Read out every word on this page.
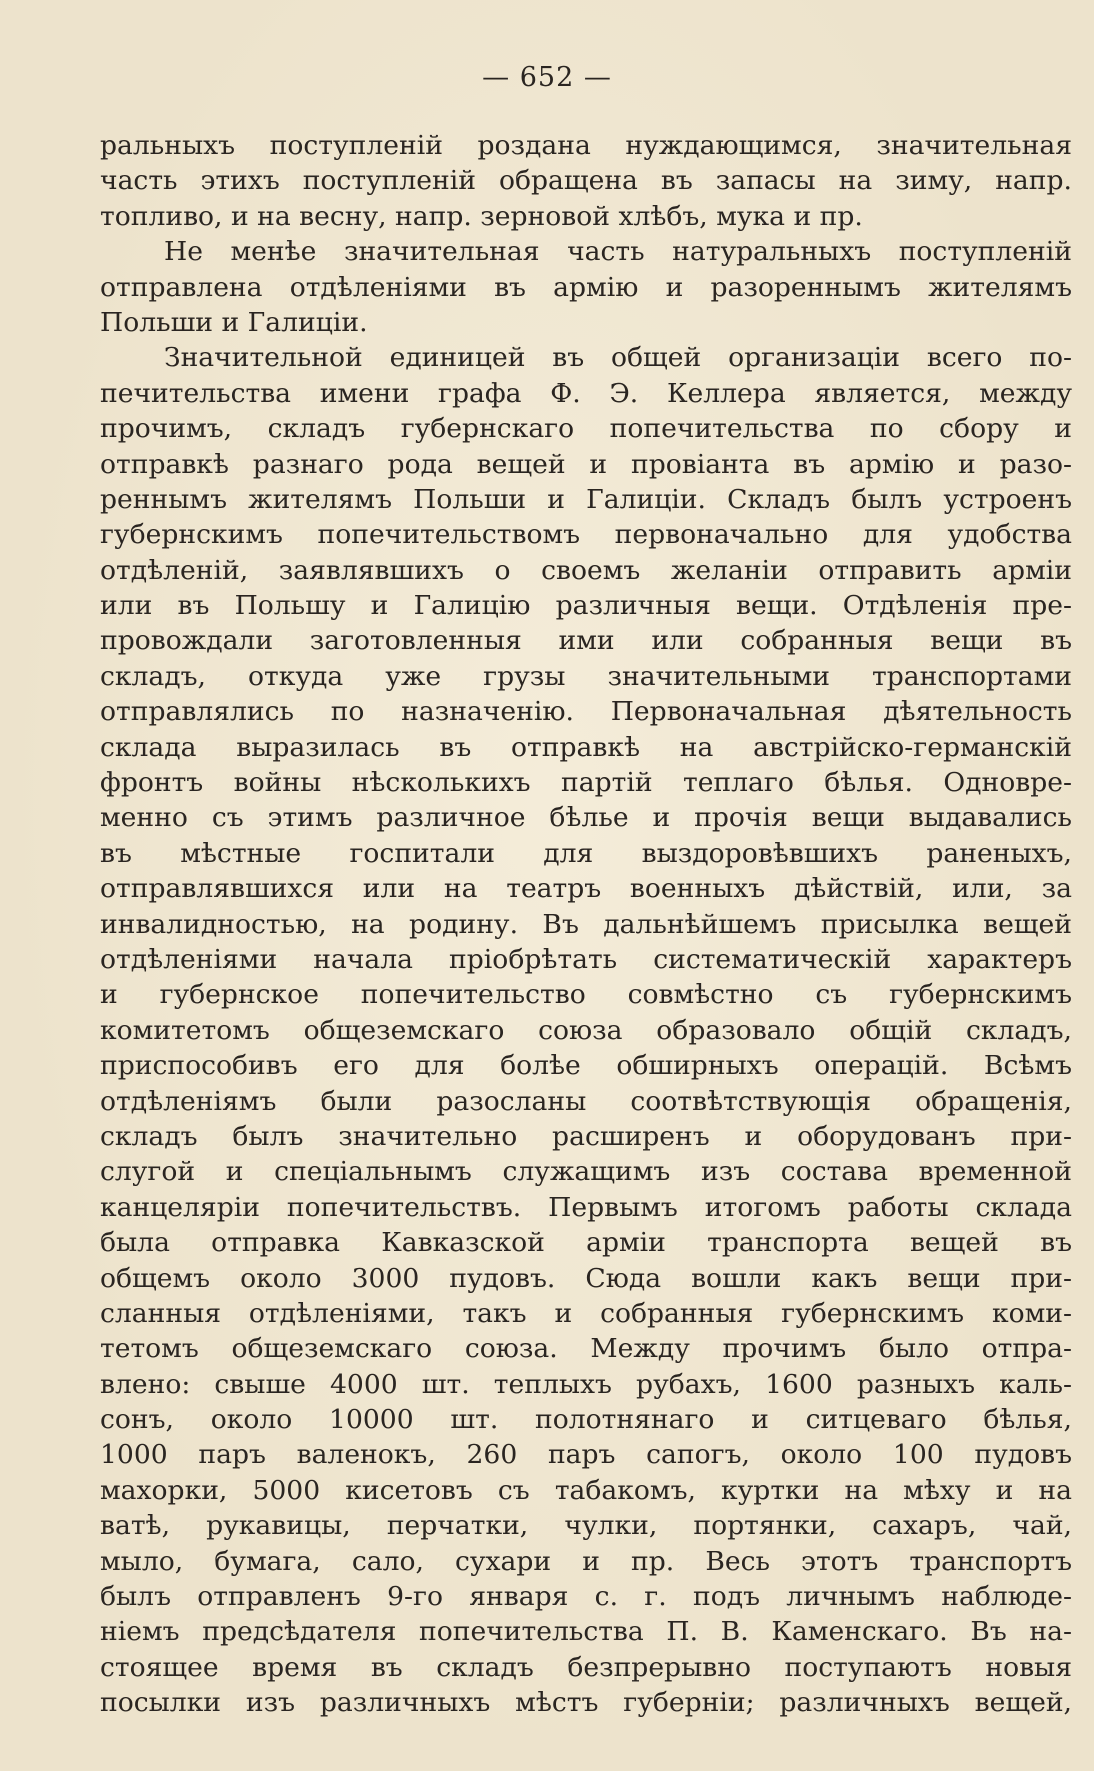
— 652 —
ральныхъ поступленій роздана нуждающимся, значительная
часть этихъ поступленій обращена въ запасы на зиму, напр.
топливо, и на весну, напр. зерновой хлѣбъ, мука и пр.
Не менѣе значительная часть натуральныхъ поступленій
отправлена отдѣленіями въ армію и разореннымъ жителямъ
Польши и Галиціи.
Значительной единицей въ общей организаціи всего по-
печительства имени графа Ф. Э. Келлера является, между
прочимъ, складъ губернскаго попечительства по сбору и
отправкѣ разнаго рода вещей и провіанта въ армію и разо-
реннымъ жителямъ Польши и Галиціи. Складъ былъ устроенъ
губернскимъ попечительствомъ первоначально для удобства
отдѣленій, заявлявшихъ о своемъ желаніи отправить арміи
или въ Польшу и Галицію различныя вещи. Отдѣленія пре-
провождали заготовленныя ими или собранныя вещи въ
складъ, откуда уже грузы значительными транспортами
отправлялись по назначенію. Первоначальная дѣятельность
склада выразилась въ отправкѣ на австрійско-германскій
фронтъ войны нѣсколькихъ партій теплаго бѣлья. Одновре-
менно съ этимъ различное бѣлье и прочія вещи выдавались
въ мѣстные госпитали для выздоровѣвшихъ раненыхъ,
отправлявшихся или на театръ военныхъ дѣйствій, или, за
инвалидностью, на родину. Въ дальнѣйшемъ присылка вещей
отдѣленіями начала пріобрѣтать систематическій характеръ
и губернское попечительство совмѣстно съ губернскимъ
комитетомъ общеземскаго союза образовало общій складъ,
приспособивъ его для болѣе обширныхъ операцій. Всѣмъ
отдѣленіямъ были разосланы соотвѣтствующія обращенія,
складъ былъ значительно расширенъ и оборудованъ при-
слугой и спеціальнымъ служащимъ изъ состава временной
канцеляріи попечительствъ. Первымъ итогомъ работы склада
была отправка Кавказской арміи транспорта вещей въ
общемъ около 3000 пудовъ. Сюда вошли какъ вещи при-
сланныя отдѣленіями, такъ и собранныя губернскимъ коми-
тетомъ общеземскаго союза. Между прочимъ было отпра-
влено: свыше 4000 шт. теплыхъ рубахъ, 1600 разныхъ каль-
сонъ, около 10000 шт. полотнянаго и ситцеваго бѣлья,
1000 паръ валенокъ, 260 паръ сапогъ, около 100 пудовъ
махорки, 5000 кисетовъ съ табакомъ, куртки на мѣху и на
ватѣ, рукавицы, перчатки, чулки, портянки, сахаръ, чай,
мыло, бумага, сало, сухари и пр. Весь этотъ транспортъ
былъ отправленъ 9-го января с. г. подъ личнымъ наблюде-
ніемъ предсѣдателя попечительства П. В. Каменскаго. Въ на-
стоящее время въ складъ безпрерывно поступаютъ новыя
посылки изъ различныхъ мѣстъ губерніи; различныхъ вещей,
